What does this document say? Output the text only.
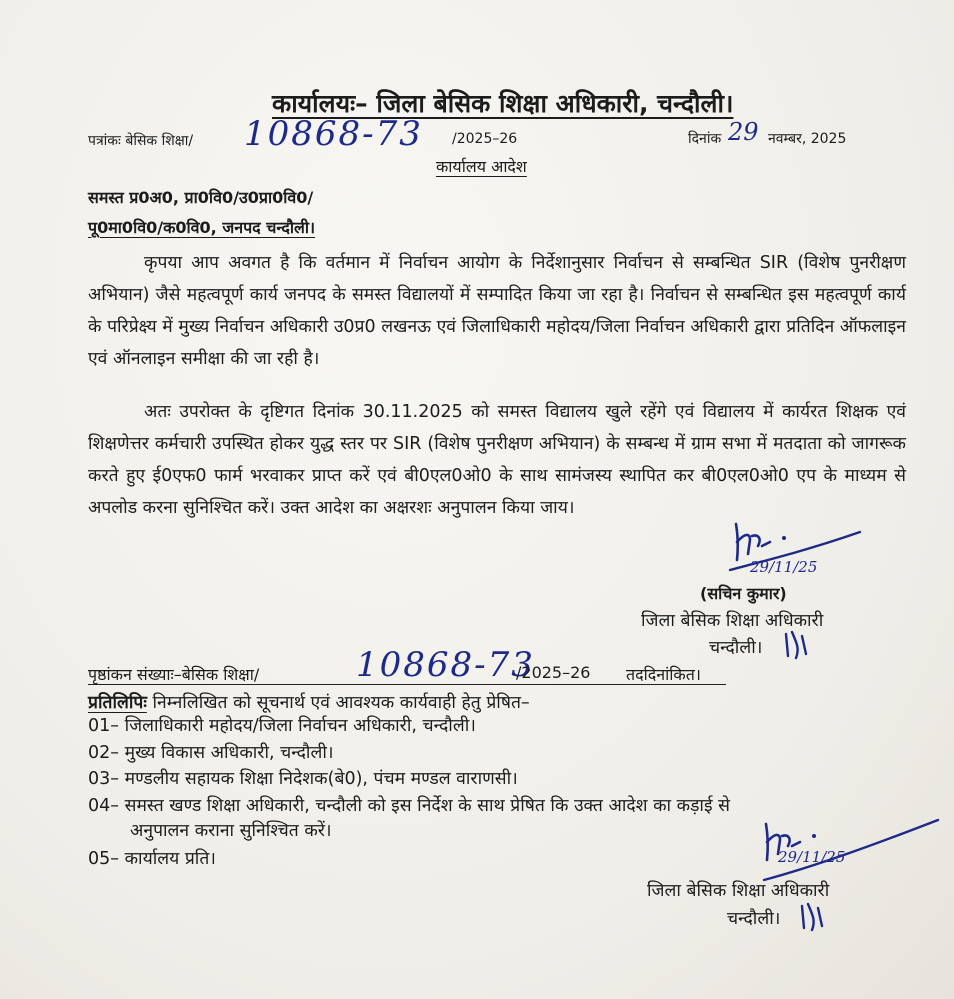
कार्यालयः– जिला बेसिक शिक्षा अधिकारी, चन्दौली।
पत्रांकः बेसिक शिक्षा/ 10868-73 /2025–26	दिनांक 29 नवम्बर, 2025
कार्यालय आदेश
समस्त प्र0अ0, प्रा0वि0/उ0प्रा0वि0/
पू0मा0वि0/क0वि0, जनपद चन्दौली।
कृपया आप अवगत है कि वर्तमान में निर्वाचन आयोग के निर्देशानुसार निर्वाचन से सम्बन्धित SIR (विशेष पुनरीक्षण अभियान) जैसे महत्वपूर्ण कार्य जनपद के समस्त विद्यालयों में सम्पादित किया जा रहा है। निर्वाचन से सम्बन्धित इस महत्वपूर्ण कार्य के परिप्रेक्ष्य में मुख्य निर्वाचन अधिकारी उ0प्र0 लखनऊ एवं जिलाधिकारी महोदय/जिला निर्वाचन अधिकारी द्वारा प्रतिदिन ऑफलाइन एवं ऑनलाइन समीक्षा की जा रही है।
अतः उपरोक्त के दृष्टिगत दिनांक 30.11.2025 को समस्त विद्यालय खुले रहेंगे एवं विद्यालय में कार्यरत शिक्षक एवं शिक्षणेत्तर कर्मचारी उपस्थित होकर युद्ध स्तर पर SIR (विशेष पुनरीक्षण अभियान) के सम्बन्ध में ग्राम सभा में मतदाता को जागरूक करते हुए ई0एफ0 फार्म भरवाकर प्राप्त करें एवं बी0एल0ओ0 के साथ सामंजस्य स्थापित कर बी0एल0ओ0 एप के माध्यम से अपलोड करना सुनिश्चित करें। उक्त आदेश का अक्षरशः अनुपालन किया जाय।
29/11/25
(सचिन कुमार)
जिला बेसिक शिक्षा अधिकारी
चन्दौली।
पृष्ठांकन संख्याः–बेसिक शिक्षा/	10868-73
/2025–26 तददिनांकित।
प्रतिलिपिः निम्नलिखित को सूचनार्थ एवं आवश्यक कार्यवाही हेतु प्रेषित–
01– जिलाधिकारी महोदय/जिला निर्वाचन अधिकारी, चन्दौली।
02– मुख्य विकास अधिकारी, चन्दौली।
03– मण्डलीय सहायक शिक्षा निदेशक(बे0), पंचम मण्डल वाराणसी।
04– समस्त खण्ड शिक्षा अधिकारी, चन्दौली को इस निर्देश के साथ प्रेषित कि उक्त आदेश का कड़ाई से
अनुपालन कराना सुनिश्चित करें।
05– कार्यालय प्रति।	29/11/25
जिला बेसिक शिक्षा अधिकारी
चन्दौली।
